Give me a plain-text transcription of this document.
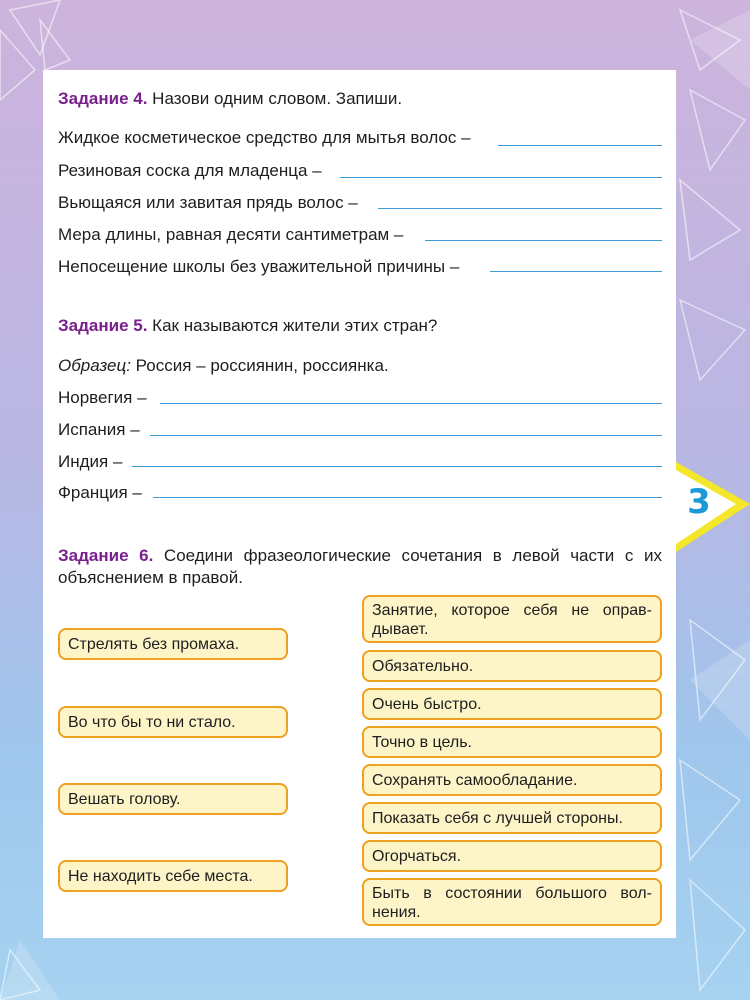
3
Задание 4. Назови одним словом. Запиши.
Жидкое косметическое средство для мытья волос –
Резиновая соска для младенца –
Вьющаяся или завитая прядь волос –
Мера длины, равная десяти сантиметрам –
Непосещение школы без уважительной причины –
Задание 5. Как называются жители этих стран?
Образец: Россия – россиянин, россиянка.
Норвегия –
Испания –
Индия –
Франция –
Задание 6. Соедини фразеологические сочетания в левой части с их объяснением в правой.
Стрелять без промаха.
Во что бы то ни стало.
Вешать голову.
Не находить себе места.
Занятие, которое себя не оправ-
дывает.
Обязательно.
Очень быстро.
Точно в цель.
Сохранять самообладание.
Показать себя с лучшей стороны.
Огорчаться.
Быть в состоянии большого вол-
нения.
